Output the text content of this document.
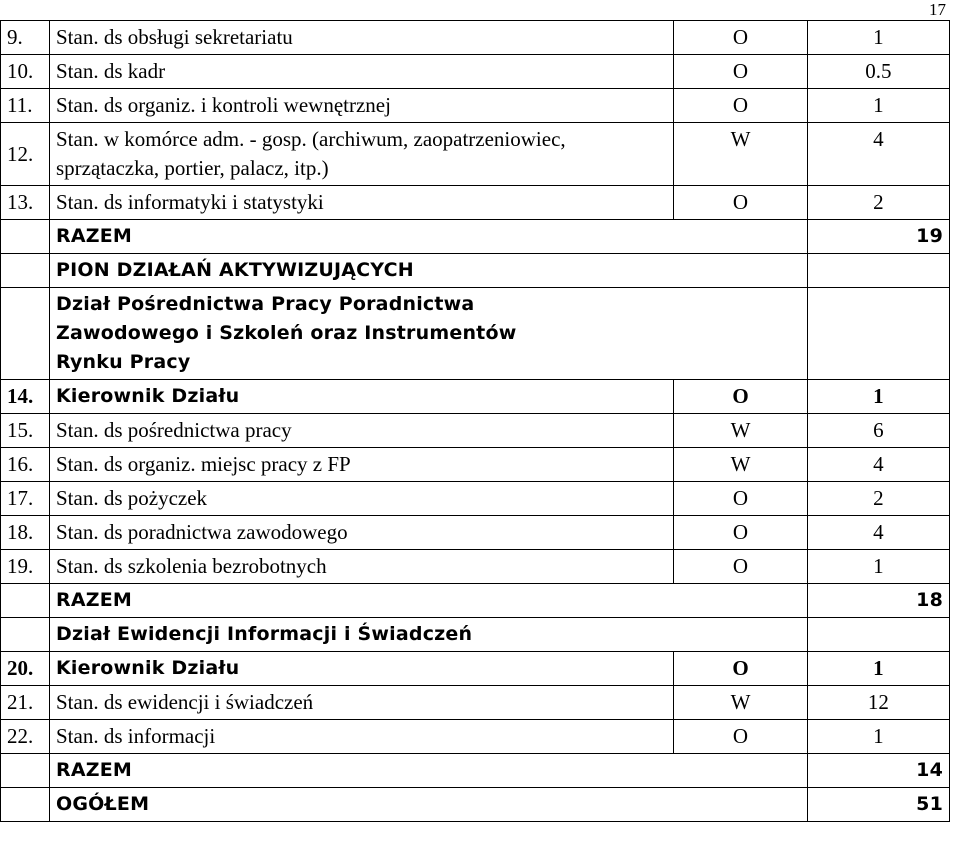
17
9.	Stan. ds obsługi sekretariatu	O	1
10.	Stan. ds kadr	O	0.5
11.	Stan. ds organiz. i kontroli wewnętrznej	O	1
12.	Stan. w komórce adm. - gosp. (archiwum, zaopatrzeniowiec, sprzątaczka, portier, palacz, itp.)	W	4
13.	Stan. ds informatyki i statystyki	O	2
	RAZEM		19
	PION DZIAŁAŃ AKTYWIZUJĄCYCH		
	Dział Pośrednictwa Pracy Poradnictwa Zawodowego i Szkoleń oraz Instrumentów Rynku Pracy		
14.	Kierownik Działu	O	1
15.	Stan. ds pośrednictwa pracy	W	6
16.	Stan. ds organiz. miejsc pracy z FP	W	4
17.	Stan. ds pożyczek	O	2
18.	Stan. ds poradnictwa zawodowego	O	4
19.	Stan. ds szkolenia bezrobotnych	O	1
	RAZEM		18
	Dział Ewidencji Informacji i Świadczeń		
20.	Kierownik Działu	O	1
21.	Stan. ds ewidencji i świadczeń	W	12
22.	Stan. ds informacji	O	1
	RAZEM		14
	OGÓŁEM		51
